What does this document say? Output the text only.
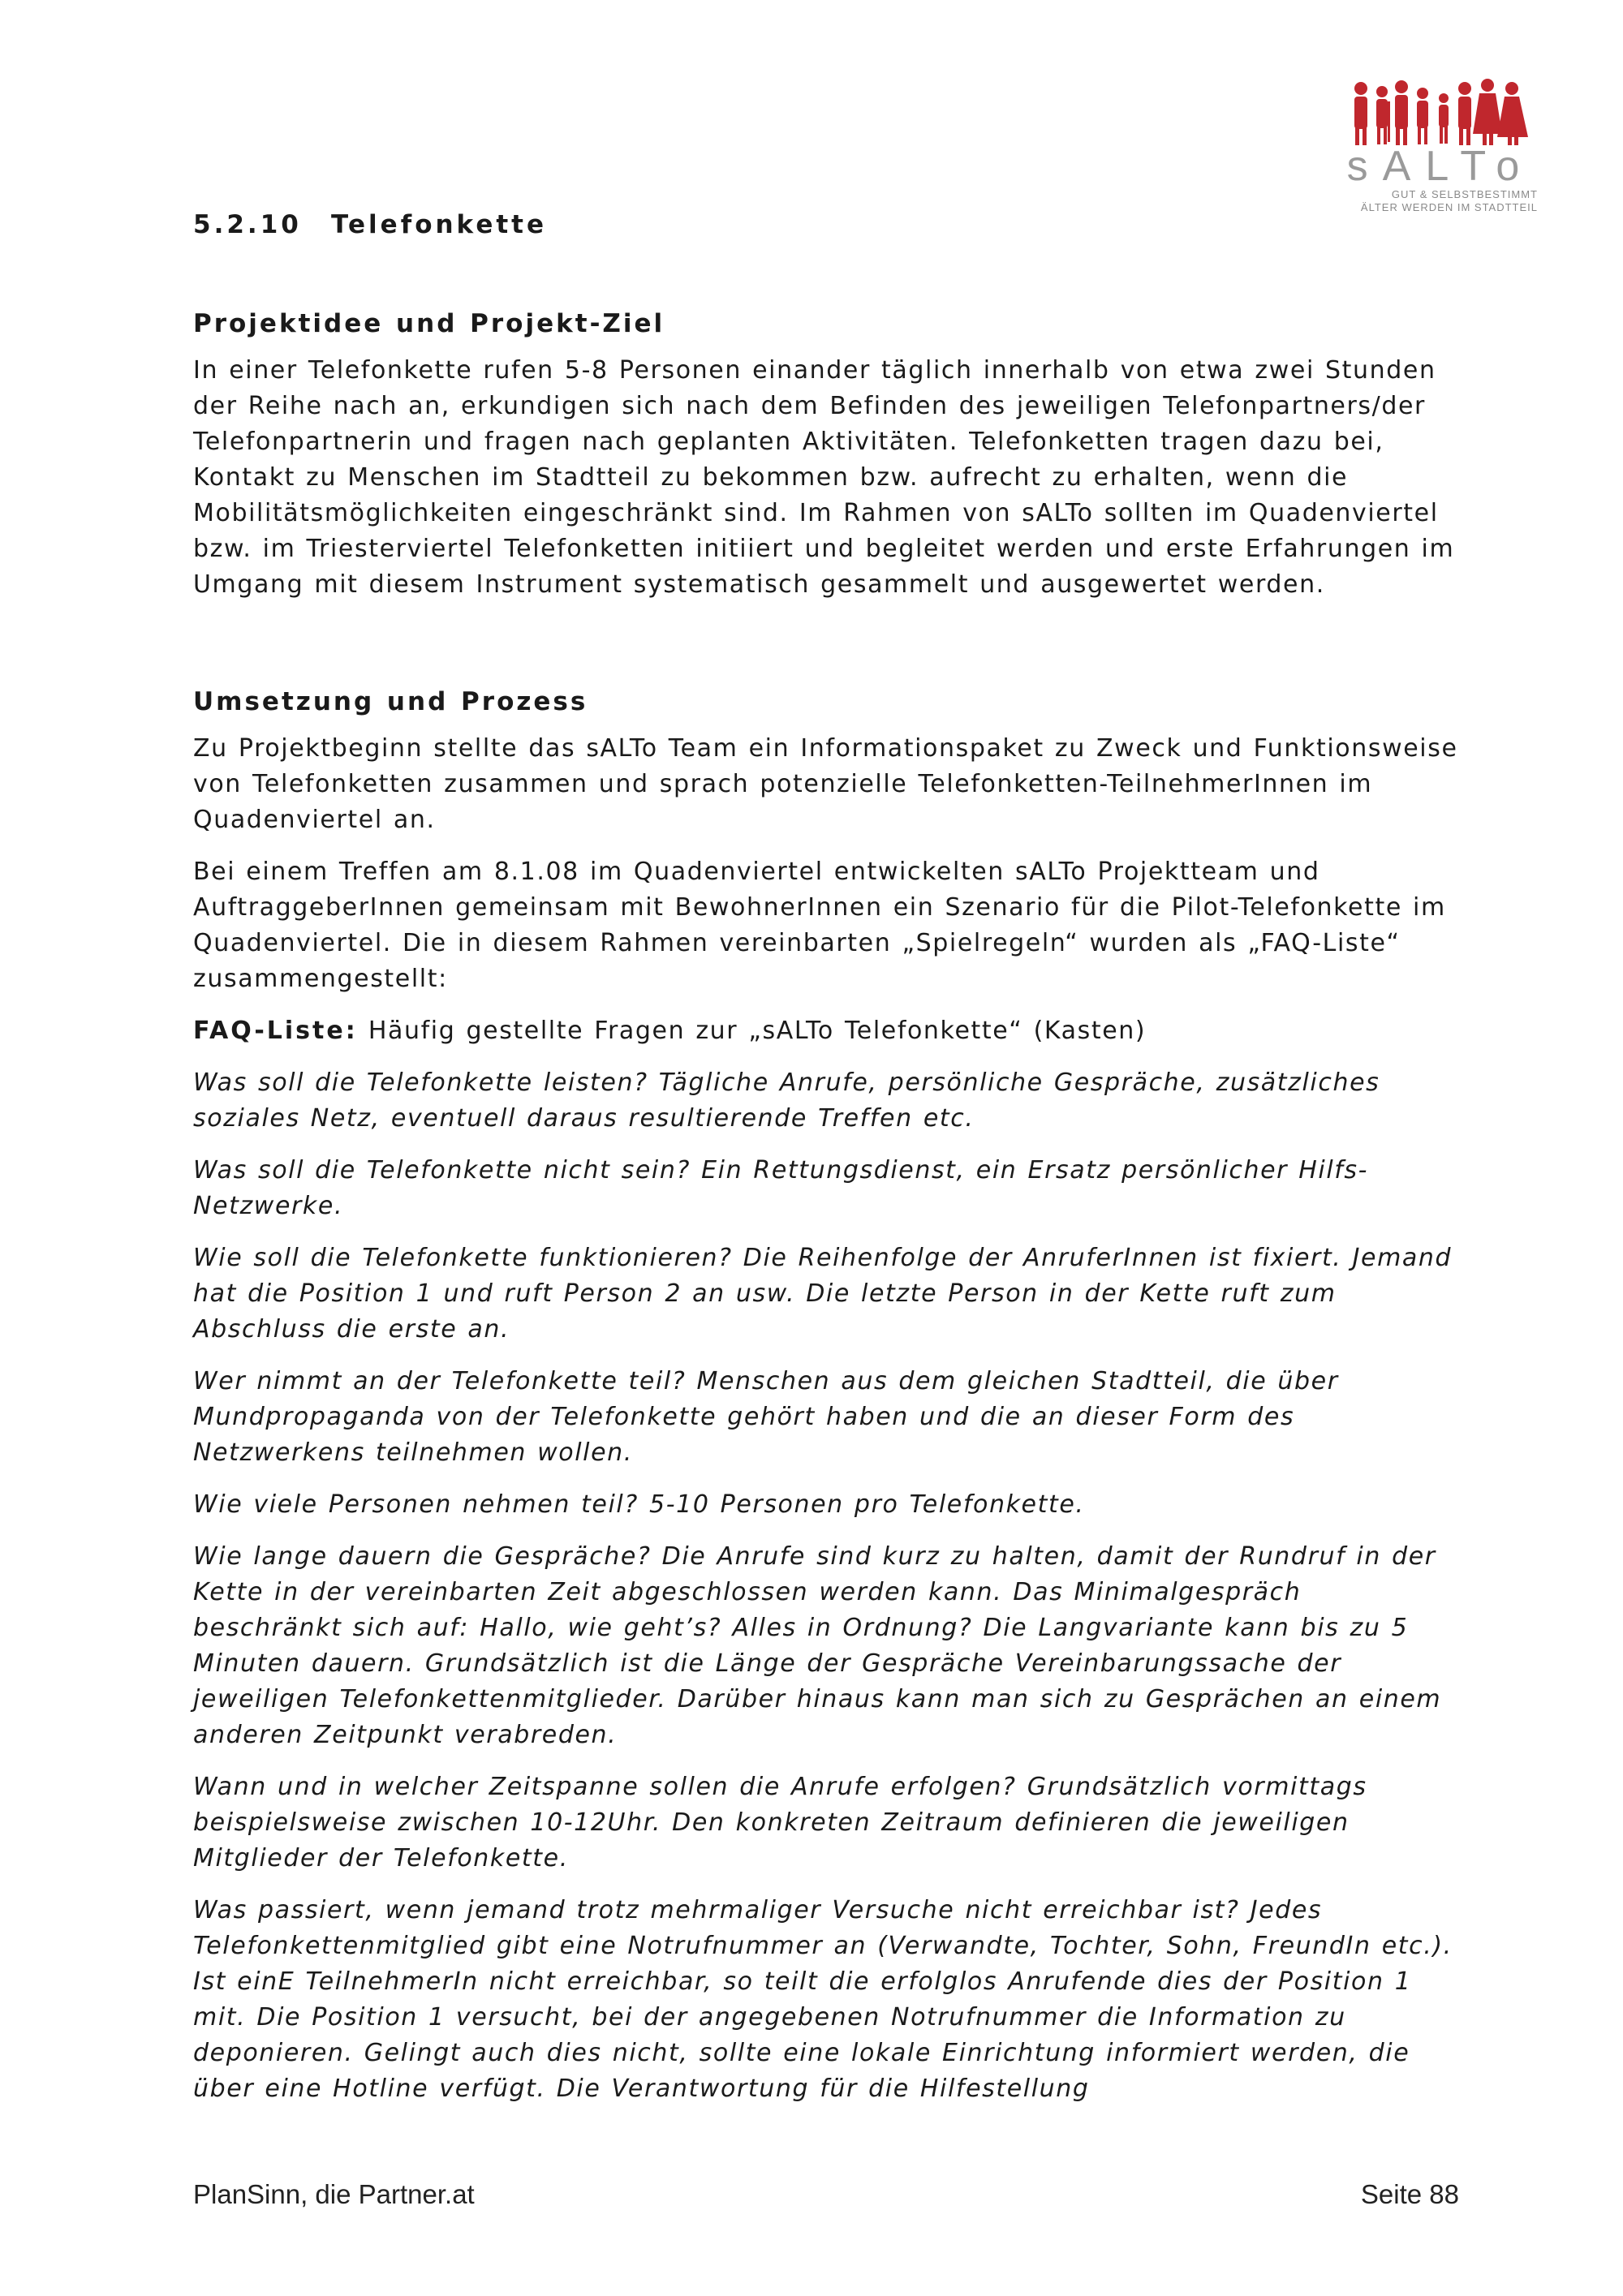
sALTo
GUT & SELBSTBESTIMMT
ÄLTER WERDEN IM STADTTEIL
5.2.10 Telefonkette
Projektidee und Projekt-Ziel

In einer Telefonkette rufen 5-8 Personen einander täglich innerhalb von etwa zwei Stunden der Reihe nach an, erkundigen sich nach dem Befinden des jeweiligen Telefonpartners/der Telefonpartnerin und fragen nach geplanten Aktivitäten. Telefonketten tragen dazu bei, Kontakt zu Menschen im Stadtteil zu bekommen bzw. aufrecht zu erhalten, wenn die Mobilitätsmöglichkeiten eingeschränkt sind. Im Rahmen von sALTo sollten im Quadenviertel bzw. im Triesterviertel Telefonketten initiiert und begleitet werden und erste Erfahrungen im Umgang mit diesem Instrument systematisch gesammelt und ausgewertet werden.

Umsetzung und Prozess

Zu Projektbeginn stellte das sALTo Team ein Informationspaket zu Zweck und Funktionsweise von Telefonketten zusammen und sprach potenzielle Telefonketten-TeilnehmerInnen im Quadenviertel an.

Bei einem Treffen am 8.1.08 im Quadenviertel entwickelten sALTo Projektteam und AuftraggeberInnen gemeinsam mit BewohnerInnen ein Szenario für die Pilot-Telefonkette im Quadenviertel. Die in diesem Rahmen vereinbarten „Spielregeln“ wurden als „FAQ-Liste“ zusammengestellt:

FAQ-Liste: Häufig gestellte Fragen zur „sALTo Telefonkette“ (Kasten)

Was soll die Telefonkette leisten? Tägliche Anrufe, persönliche Gespräche, zusätzliches soziales Netz, eventuell daraus resultierende Treffen etc.

Was soll die Telefonkette nicht sein? Ein Rettungsdienst, ein Ersatz persönlicher Hilfs-Netzwerke.

Wie soll die Telefonkette funktionieren? Die Reihenfolge der AnruferInnen ist fixiert. Jemand hat die Position 1 und ruft Person 2 an usw. Die letzte Person in der Kette ruft zum Abschluss die erste an.

Wer nimmt an der Telefonkette teil? Menschen aus dem gleichen Stadtteil, die über Mundpropaganda von der Telefonkette gehört haben und die an dieser Form des Netzwerkens teilnehmen wollen.

Wie viele Personen nehmen teil? 5-10 Personen pro Telefonkette.

Wie lange dauern die Gespräche? Die Anrufe sind kurz zu halten, damit der Rundruf in der Kette in der vereinbarten Zeit abgeschlossen werden kann. Das Minimalgespräch beschränkt sich auf: Hallo, wie geht’s? Alles in Ordnung? Die Langvariante kann bis zu 5 Minuten dauern. Grundsätzlich ist die Länge der Gespräche Vereinbarungssache der jeweiligen Telefonkettenmitglieder. Darüber hinaus kann man sich zu Gesprächen an einem anderen Zeitpunkt verabreden.

Wann und in welcher Zeitspanne sollen die Anrufe erfolgen? Grundsätzlich vormittags beispielsweise zwischen 10-12Uhr. Den konkreten Zeitraum definieren die jeweiligen Mitglieder der Telefonkette.

Was passiert, wenn jemand trotz mehrmaliger Versuche nicht erreichbar ist? Jedes Telefonkettenmitglied gibt eine Notrufnummer an (Verwandte, Tochter, Sohn, FreundIn etc.). Ist einE TeilnehmerIn nicht erreichbar, so teilt die erfolglos Anrufende dies der Position 1 mit. Die Position 1 versucht, bei der angegebenen Notrufnummer die Information zu deponieren. Gelingt auch dies nicht, sollte eine lokale Einrichtung informiert werden, die über eine Hotline verfügt. Die Verantwortung für die Hilfestellung

PlanSinn, die Partner.at	Seite 88
